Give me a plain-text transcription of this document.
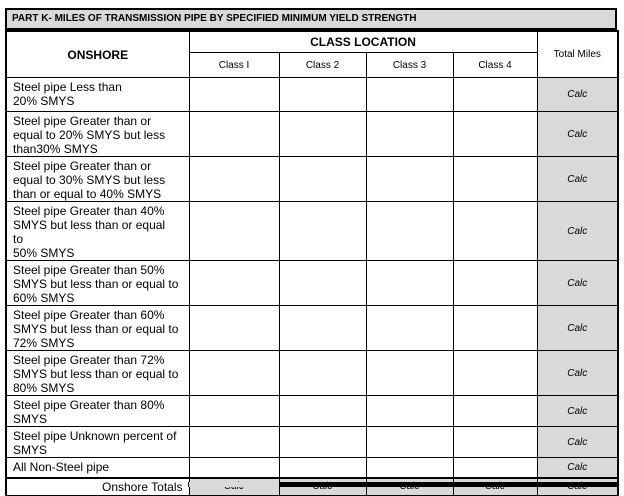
PART K- MILES OF TRANSMISSION PIPE BY SPECIFIED MINIMUM YIELD STRENGTH
ONSHORE	CLASS LOCATION				Total Miles
	Class I	Class 2	Class 3	Class 4	
Steel pipe Less than
20% SMYS					Calc
Steel pipe Greater than or
equal to 20% SMYS but less
than30% SMYS					Calc
Steel pipe Greater than or
equal to 30% SMYS but less
than or equal to 40% SMYS					Calc
Steel pipe Greater than 40%
SMYS but less than or equal
to
50% SMYS					Calc
Steel pipe Greater than 50%
SMYS but less than or equal to
60% SMYS					Calc
Steel pipe Greater than 60%
SMYS but less than or equal to
72% SMYS					Calc
Steel pipe Greater than 72%
SMYS but less than or equal to
80% SMYS					Calc
Steel pipe Greater than 80%
SMYS					Calc
Steel pipe Unknown percent of
SMYS					Calc
All Non-Steel pipe					Calc
Onshore Totals					
